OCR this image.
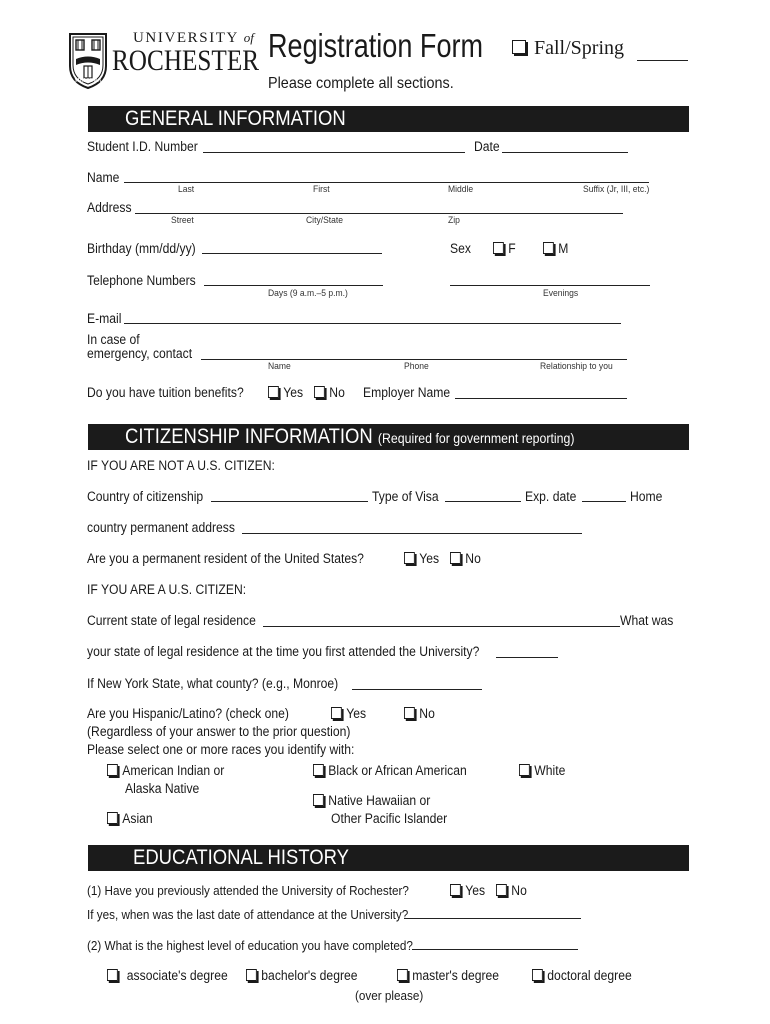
MELIORA
UNIVERSITY of
ROCHESTER Registration Form	Fall/Spring
Please complete all sections.
GENERAL INFORMATION
Student I.D. Number	Date
Name
Last	First	Middle	Suffix (Jr, III, etc.)
Address
Street	City/State	Zip
Birthday (mm/dd/yy)	Sex	F	M
Telephone Numbers
Days (9 a.m.–5 p.m.)	Evenings
E-mail
In case of
emergency, contact
Name	Phone	Relationship to you
Do you have tuition benefits?	Yes	No Employer Name
CITIZENSHIP INFORMATION (Required for government reporting)
IF YOU ARE NOT A U.S. CITIZEN:
Country of citizenship	Type of Visa	Exp. date	Home
country permanent address
Are you a permanent resident of the United States?	Yes	No
IF YOU ARE A U.S. CITIZEN:
Current state of legal residence	What was
your state of legal residence at the time you first attended the University?
If New York State, what county? (e.g., Monroe)
Are you Hispanic/Latino? (check one)	Yes	No
(Regardless of your answer to the prior question)
Please select one or more races you identify with:
American Indian or
Alaska Native
Black or African American	White
Native Hawaiian or
Other Pacific Islander
Asian
EDUCATIONAL HISTORY
(1) Have you previously attended the University of Rochester?	Yes	No
If yes, when was the last date of attendance at the University?
(2) What is the highest level of education you have completed?
associate's degree	bachelor's degree	master's degree	doctoral degree
(over please)
